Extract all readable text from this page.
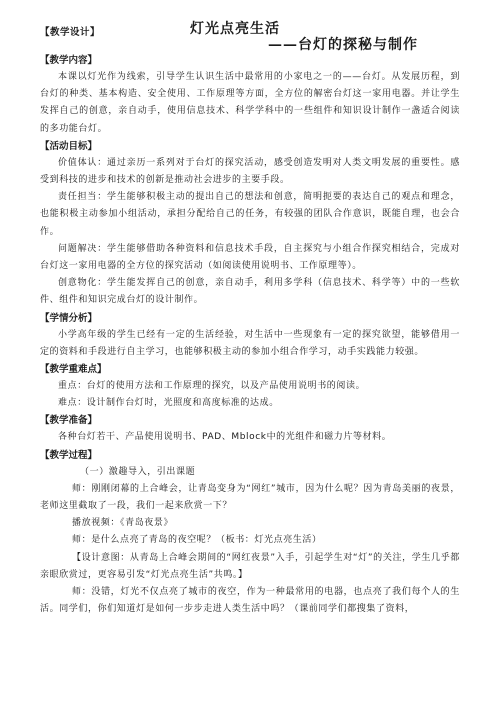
【教学设计】	灯光点亮生活
——台灯的探秘与制作
【教学内容】

本课以灯光作为线索，引导学生认识生活中最常用的小家电之一的——台灯。从发展历程，到台灯的种类、基本构造、安全使用、工作原理等方面，全方位的解密台灯这一家用电器。并让学生发挥自己的创意，亲自动手，使用信息技术、科学学科中的一些组件和知识设计制作一盏适合阅读的多功能台灯。

【活动目标】

价值体认：通过亲历一系列对于台灯的探究活动，感受创造发明对人类文明发展的重要性。感受到科技的进步和技术的创新是推动社会进步的主要手段。

责任担当：学生能够积极主动的提出自己的想法和创意，简明扼要的表达自己的观点和理念，也能积极主动参加小组活动，承担分配给自己的任务，有较强的团队合作意识，既能自理，也会合作。

问题解决：学生能够借助各种资料和信息技术手段，自主探究与小组合作探究相结合，完成对台灯这一家用电器的全方位的探究活动（如阅读使用说明书、工作原理等）。

创意物化：学生能发挥自己的创意，亲自动手，利用多学科（信息技术、科学等）中的一些软件、组件和知识完成台灯的设计制作。

【学情分析】

小学高年级的学生已经有一定的生活经验，对生活中一些现象有一定的探究欲望，能够借用一定的资料和手段进行自主学习，也能够积极主动的参加小组合作学习，动手实践能力较强。

【教学重难点】

重点：台灯的使用方法和工作原理的探究，以及产品使用说明书的阅读。

难点：设计制作台灯时，光照度和高度标准的达成。

【教学准备】

各种台灯若干、产品使用说明书、PAD、Mblock中的光组件和磁力片等材料。

【教学过程】

（一）激趣导入，引出课题

师：刚刚闭幕的上合峰会，让青岛变身为“网红”城市，因为什么呢？因为青岛美丽的夜景，老师这里截取了一段，我们一起来欣赏一下？

播放视频：《青岛夜景》

师：是什么点亮了青岛的夜空呢？（板书：灯光点亮生活）

【设计意图：从青岛上合峰会期间的“网红夜景”入手，引起学生对“灯”的关注，学生几乎都亲眼欣赏过，更容易引发“灯光点亮生活”共鸣。】

师：没错，灯光不仅点亮了城市的夜空，作为一种最常用的电器，也点亮了我们每个人的生活。同学们，你们知道灯是如何一步步走进人类生活中吗？（课前同学们都搜集了资料，
